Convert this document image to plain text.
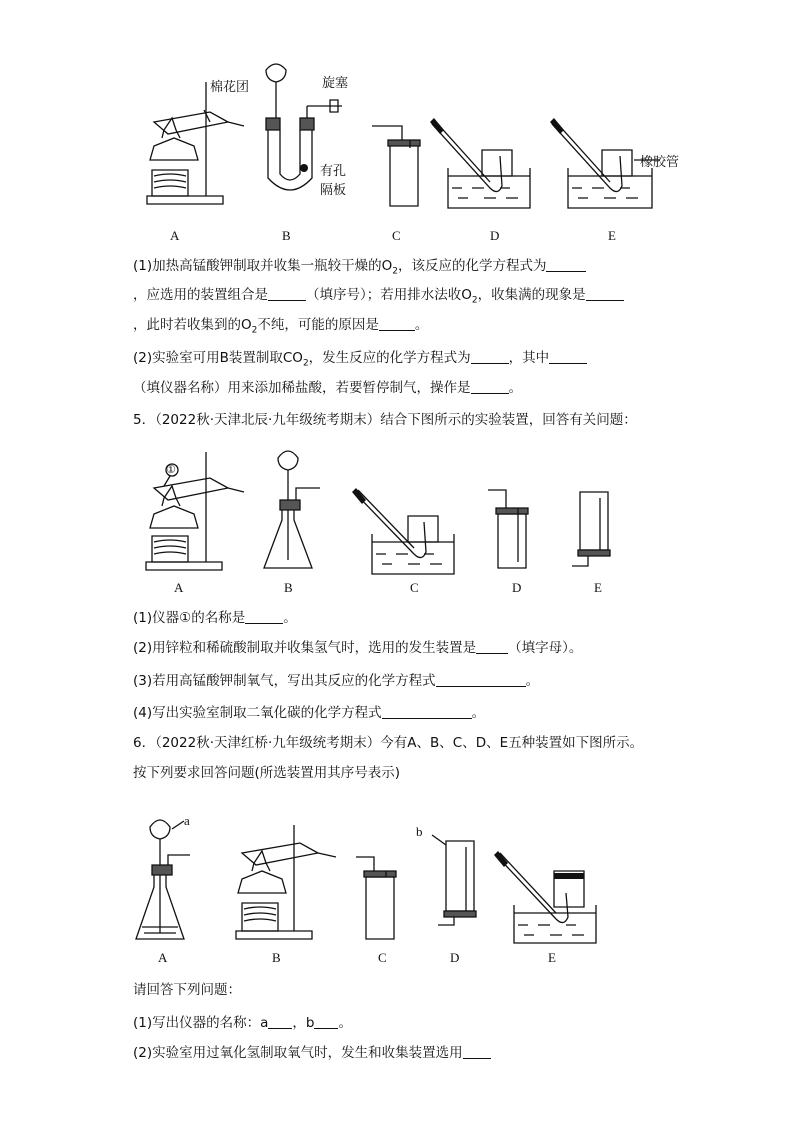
A	B	C	D	E
棉花团	旋塞
有孔
隔板
橡胶管
(1)加热高锰酸钾制取并收集一瓶较干燥的$O_2$，该反应的化学方程式为
，应选用的装置组合是	（填序号）；若用排水法收$O_2$，收集满的现象是
，此时若收集到的$O_2$不纯，可能的原因是	。
(2)实验室可用B装置制取$CO_2$，发生反应的化学方程式为	，其中
（填仪器名称）用来添加稀盐酸，若要暂停制气，操作是	。
5．（2022秋·天津北辰·九年级统考期末）结合下图所示的实验装置，回答有关问题：
①
A	B	C	D	E
(1)仪器①的名称是	。
(2)用锌粒和稀硫酸制取并收集氢气时，选用的发生装置是 （填字母）。
(3)若用高锰酸钾制氧气，写出其反应的化学方程式	。
(4)写出实验室制取二氧化碳的化学方程式	。
6．（2022秋·天津红桥·九年级统考期末）今有A、B、C、D、E五种装置如下图所示。
按下列要求回答问题(所选装置用其序号表示)
a
b
A	B	C	D	E
请回答下列问题：
(1)写出仪器的名称：a ，b 。
(2)实验室用过氧化氢制取氧气时，发生和收集装置选用
